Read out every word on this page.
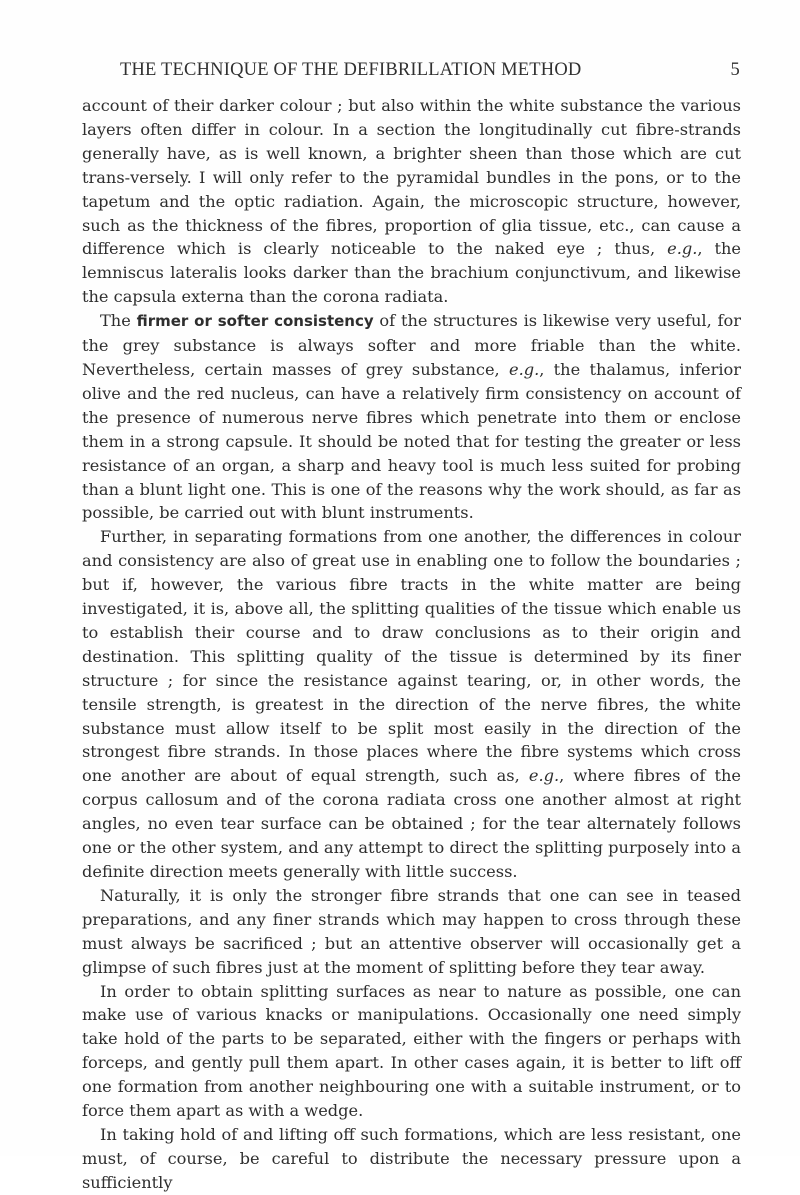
THE TECHNIQUE OF THE DEFIBRILLATION METHOD	5

account of their darker colour ; but also within the white substance the various layers often differ in colour. In a section the longitudinally cut fibre-strands generally have, as is well known, a brighter sheen than those which are cut trans-versely. I will only refer to the pyramidal bundles in the pons, or to the tapetum and the optic radiation. Again, the microscopic structure, however, such as the thickness of the fibres, proportion of glia tissue, etc., can cause a difference which is clearly noticeable to the naked eye ; thus, e.g., the lemniscus lateralis looks darker than the brachium conjunctivum, and likewise the capsula externa than the corona radiata.

The firmer or softer consistency of the structures is likewise very useful, for the grey substance is always softer and more friable than the white. Nevertheless, certain masses of grey substance, e.g., the thalamus, inferior olive and the red nucleus, can have a relatively firm consistency on account of the presence of numerous nerve fibres which penetrate into them or enclose them in a strong capsule. It should be noted that for testing the greater or less resistance of an organ, a sharp and heavy tool is much less suited for probing than a blunt light one. This is one of the reasons why the work should, as far as possible, be carried out with blunt instruments.

Further, in separating formations from one another, the differences in colour and consistency are also of great use in enabling one to follow the boundaries ; but if, however, the various fibre tracts in the white matter are being investigated, it is, above all, the splitting qualities of the tissue which enable us to establish their course and to draw conclusions as to their origin and destination. This splitting quality of the tissue is determined by its finer structure ; for since the resistance against tearing, or, in other words, the tensile strength, is greatest in the direction of the nerve fibres, the white substance must allow itself to be split most easily in the direction of the strongest fibre strands. In those places where the fibre systems which cross one another are about of equal strength, such as, e.g., where fibres of the corpus callosum and of the corona radiata cross one another almost at right angles, no even tear surface can be obtained ; for the tear alternately follows one or the other system, and any attempt to direct the splitting purposely into a definite direction meets generally with little success.

Naturally, it is only the stronger fibre strands that one can see in teased preparations, and any finer strands which may happen to cross through these must always be sacrificed ; but an attentive observer will occasionally get a glimpse of such fibres just at the moment of splitting before they tear away.

In order to obtain splitting surfaces as near to nature as possible, one can make use of various knacks or manipulations. Occasionally one need simply take hold of the parts to be separated, either with the fingers or perhaps with forceps, and gently pull them apart. In other cases again, it is better to lift off one formation from another neighbouring one with a suitable instrument, or to force them apart as with a wedge.

In taking hold of and lifting off such formations, which are less resistant, one must, of course, be careful to distribute the necessary pressure upon a sufficiently
